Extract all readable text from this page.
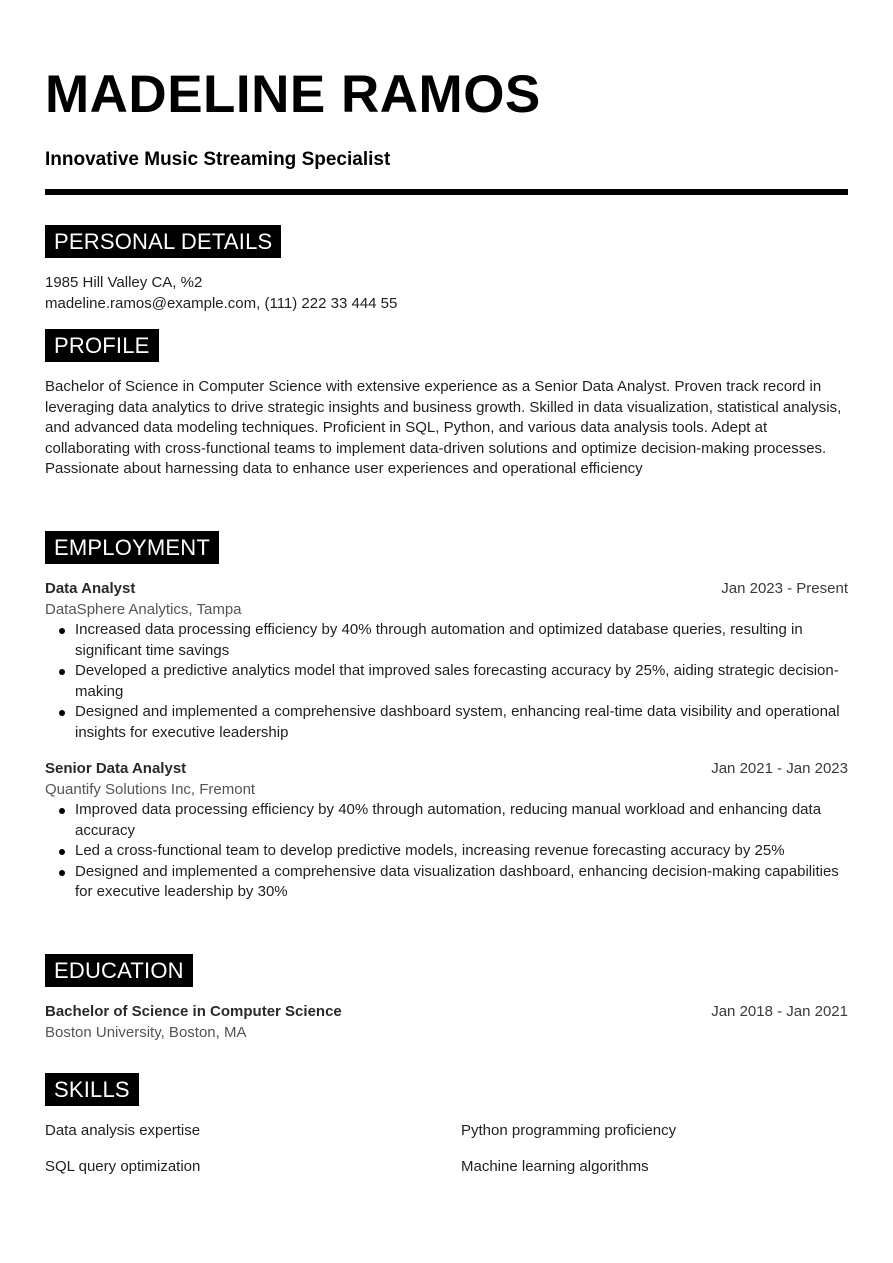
MADELINE RAMOS
Innovative Music Streaming Specialist
PERSONAL DETAILS
1985 Hill Valley CA, %2
madeline.ramos@example.com, (111) 222 33 444 55
PROFILE
Bachelor of Science in Computer Science with extensive experience as a Senior Data Analyst. Proven track record in leveraging data analytics to drive strategic insights and business growth. Skilled in data visualization, statistical analysis, and advanced data modeling techniques. Proficient in SQL, Python, and various data analysis tools. Adept at collaborating with cross-functional teams to implement data-driven solutions and optimize decision-making processes. Passionate about harnessing data to enhance user experiences and operational efficiency
EMPLOYMENT
Data Analyst	Jan 2023 - Present
DataSphere Analytics, Tampa
Increased data processing efficiency by 40% through automation and optimized database queries, resulting in significant time savings
Developed a predictive analytics model that improved sales forecasting accuracy by 25%, aiding strategic decision-making
Designed and implemented a comprehensive dashboard system, enhancing real-time data visibility and operational insights for executive leadership
Senior Data Analyst	Jan 2021 - Jan 2023
Quantify Solutions Inc, Fremont
Improved data processing efficiency by 40% through automation, reducing manual workload and enhancing data accuracy
Led a cross-functional team to develop predictive models, increasing revenue forecasting accuracy by 25%
Designed and implemented a comprehensive data visualization dashboard, enhancing decision-making capabilities for executive leadership by 30%
EDUCATION
Bachelor of Science in Computer Science	Jan 2018 - Jan 2021
Boston University, Boston, MA
SKILLS
Data analysis expertise	Python programming proficiency
SQL query optimization	Machine learning algorithms
